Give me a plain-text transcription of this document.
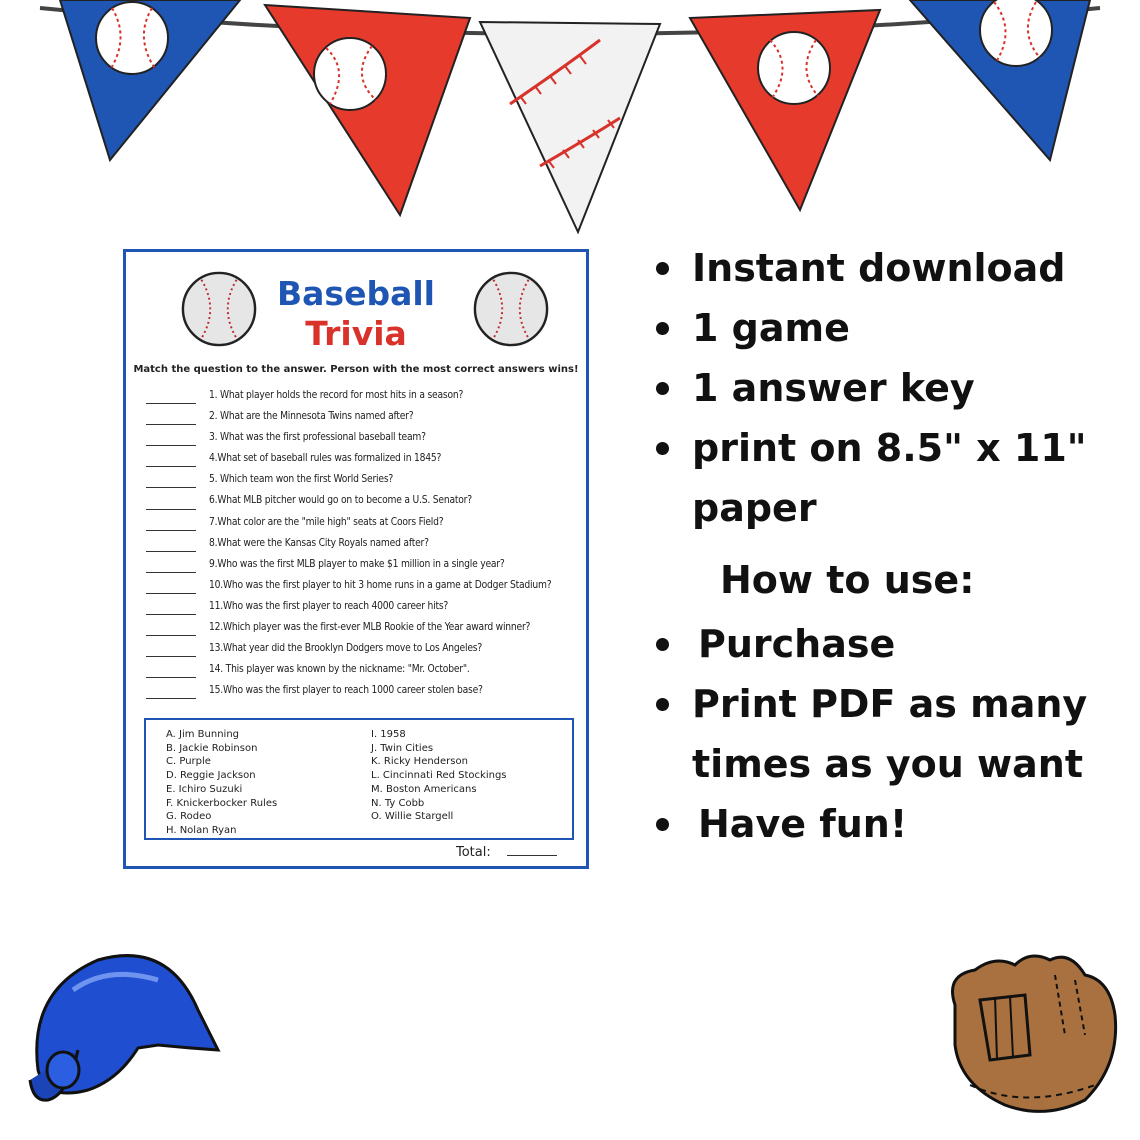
Baseball
Trivia
Match the question to the answer. Person with the most correct answers wins!
1. What player holds the record for most hits in a season?
2. What are the Minnesota Twins named after?
3. What was the first professional baseball team?
4.What set of baseball rules was formalized in 1845?
5. Which team won the first World Series?
6.What MLB pitcher would go on to become a U.S. Senator?
7.What color are the "mile high" seats at Coors Field?
8.What were the Kansas City Royals named after?
9.Who was the first MLB player to make $1 million in a single year?
10.Who was the first player to hit 3 home runs in a game at Dodger Stadium?
11.Who was the first player to reach 4000 career hits?
12.Which player was the first-ever MLB Rookie of the Year award winner?
13.What year did the Brooklyn Dodgers move to Los Angeles?
14. This player was known by the nickname: "Mr. October".
15.Who was the first player to reach 1000 career stolen base?
A. Jim Bunning
B. Jackie Robinson
C. Purple
D. Reggie Jackson
E. Ichiro Suzuki
F. Knickerbocker Rules
G. Rodeo
H. Nolan Ryan
I. 1958
J. Twin Cities
K. Ricky Henderson
L. Cincinnati Red Stockings
M. Boston Americans
N. Ty Cobb
O. Willie Stargell
Total:
Instant download
1 game
1 answer key
print on 8.5" x 11"
paper
How to use:
Purchase
Print PDF as many
times as you want
Have fun!
